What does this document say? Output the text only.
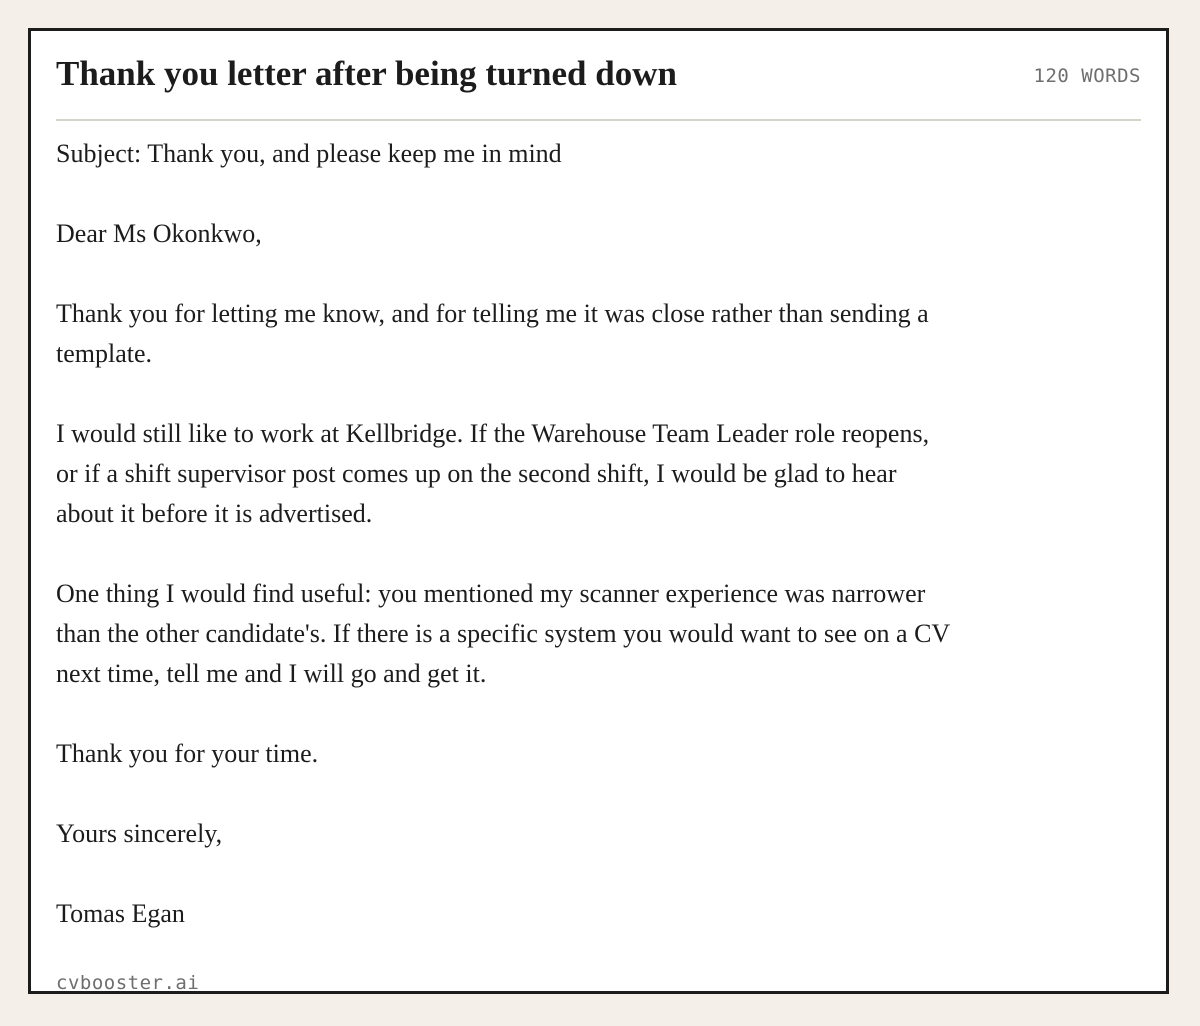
Thank you letter after being turned down	120 WORDS

Subject: Thank you, and please keep me in mind

Dear Ms Okonkwo,

Thank you for letting me know, and for telling me it was close rather than sending a template.

I would still like to work at Kellbridge. If the Warehouse Team Leader role reopens, or if a shift supervisor post comes up on the second shift, I would be glad to hear about it before it is advertised.

One thing I would find useful: you mentioned my scanner experience was narrower than the other candidate's. If there is a specific system you would want to see on a CV next time, tell me and I will go and get it.

Thank you for your time.

Yours sincerely,

Tomas Egan

cvbooster.ai
